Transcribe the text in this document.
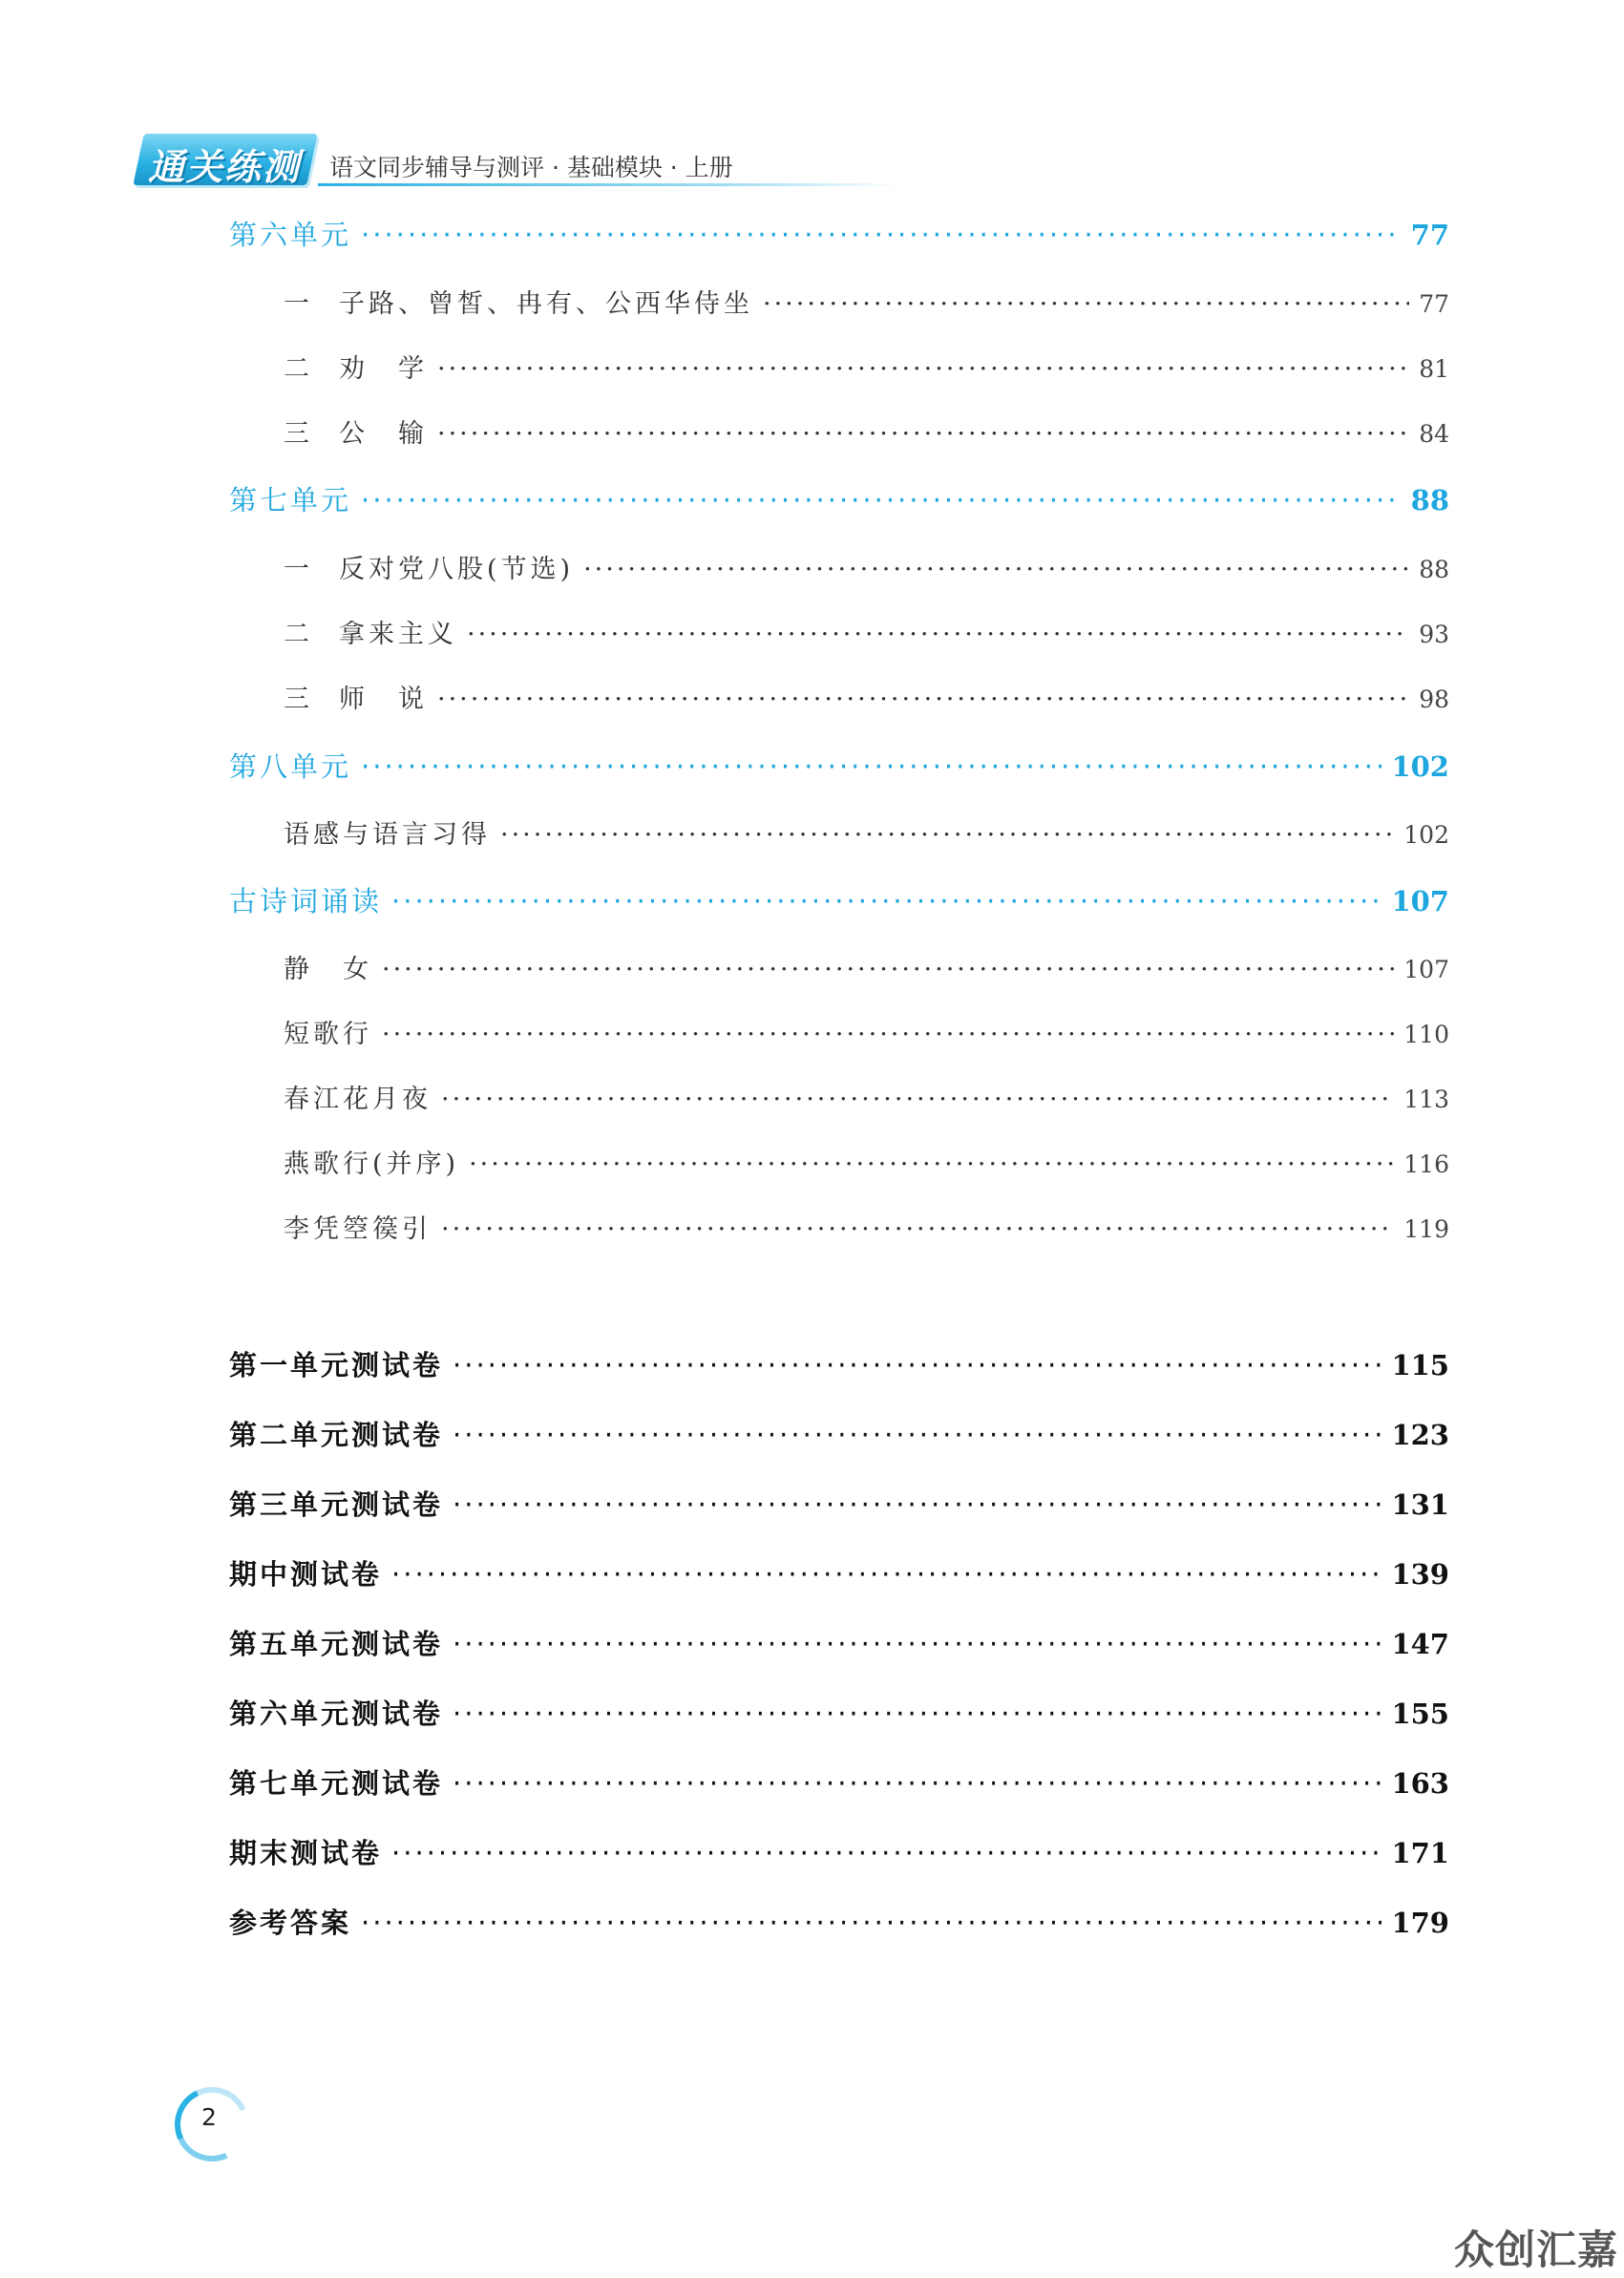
通关练测 语文同步辅导与测评 · 基础模块 · 上册
第六单元 ·····	77
一 子路、曾皙、冉有、公西华侍坐 ·····	77
二 劝　学 ·····	81
三 公　输 ·····	84
第七单元 ·····	88
一 反对党八股(节选) ·····	88
二 拿来主义 ·····	93
三 师　说 ·····	98
第八单元 ·····	102
语感与语言习得 ·····	102
古诗词诵读 ·····	107
静　女 ·····	107
短歌行 ·····	110
春江花月夜 ·····	113
燕歌行(并序) ·····	116
李凭箜篌引 ·····	119
第一单元测试卷 ·····	115
第二单元测试卷 ·····	123
第三单元测试卷 ·····	131
期中测试卷 ·····	139
第五单元测试卷 ·····	147
第六单元测试卷 ·····	155
第七单元测试卷 ·····	163
期末测试卷 ·····	171
参考答案 ·····	179
2
众创汇嘉
